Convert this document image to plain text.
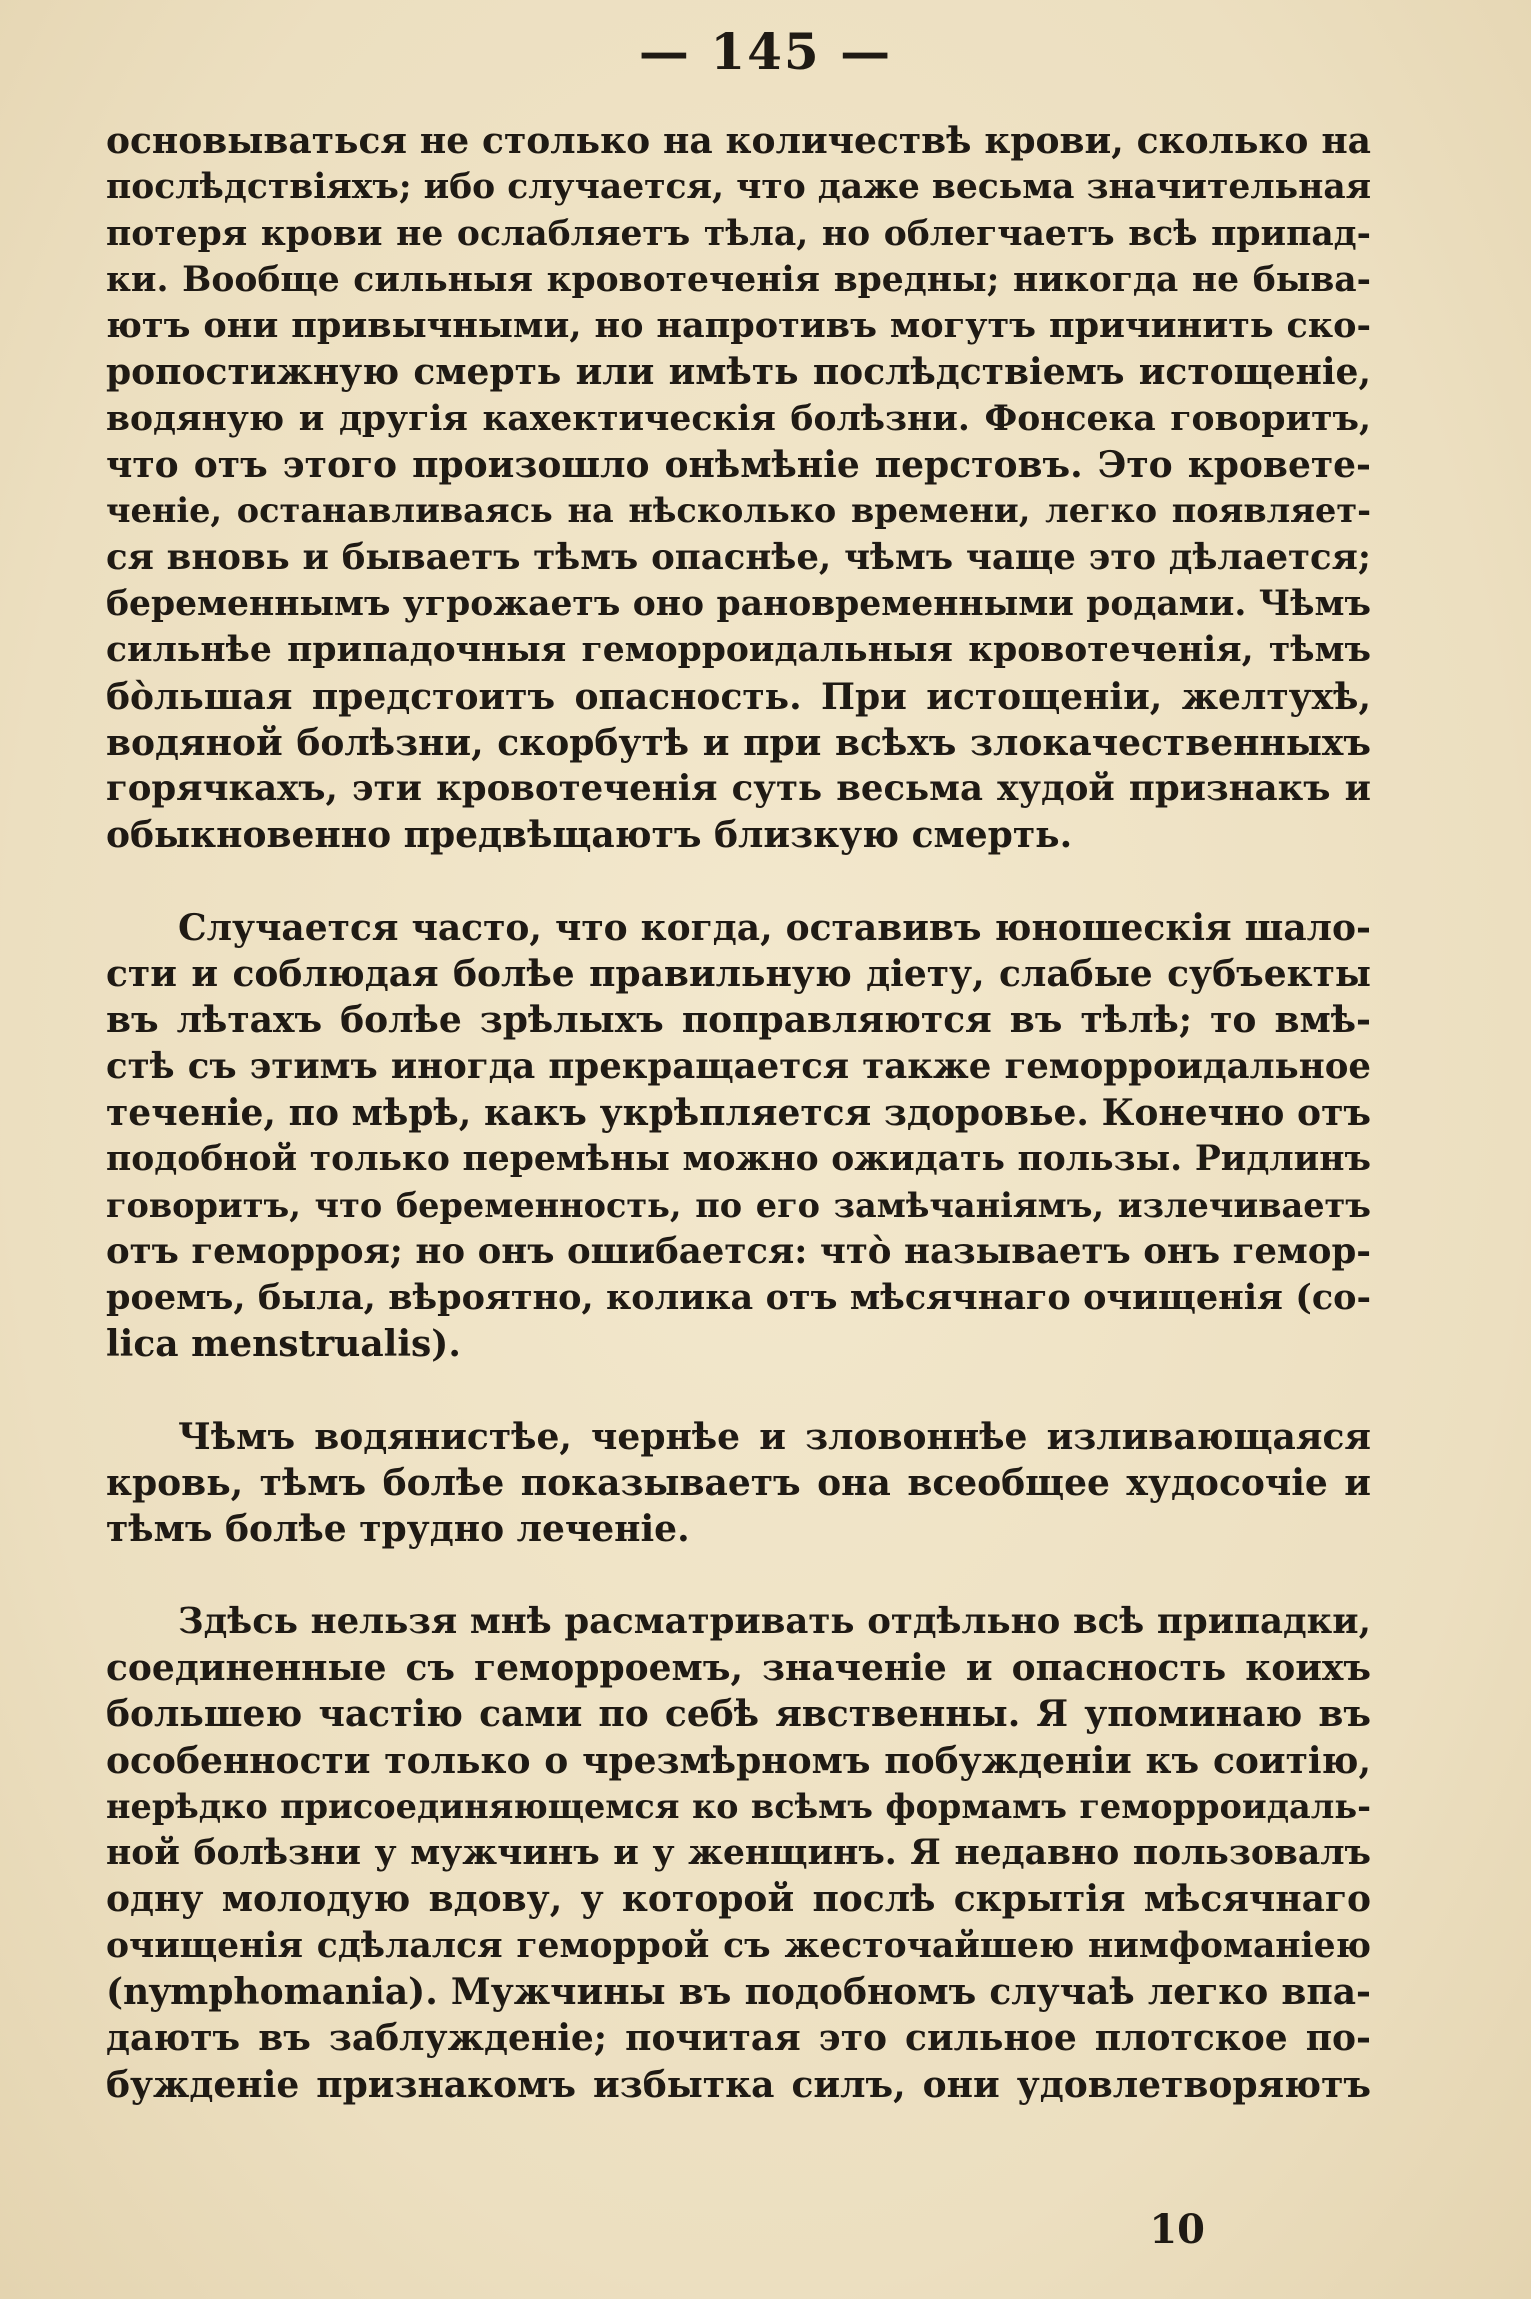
— 145 —
основываться не столько на количествѣ крови, сколько на
послѣдствіяхъ; ибо случается, что даже весьма значительная
потеря крови не ослабляетъ тѣла, но облегчаетъ всѣ припад-
ки. Вообще сильныя кровотеченія вредны; никогда не быва-
ютъ они привычными, но напротивъ могутъ причинить ско-
ропостижную смерть или имѣть послѣдствіемъ истощеніе,
водяную и другія кахектическія болѣзни. Фонсека говоритъ,
что отъ этого произошло онѣмѣніе перстовъ. Это кровете-
ченіе, останавливаясь на нѣсколько времени, легко появляет-
ся вновь и бываетъ тѣмъ опаснѣе, чѣмъ чаще это дѣлается;
беременнымъ угрожаетъ оно рановременными родами. Чѣмъ
сильнѣе припадочныя геморроидальныя кровотеченія, тѣмъ
бо̀льшая предстоитъ опасность. При истощеніи, желтухѣ,
водяной болѣзни, скорбутѣ и при всѣхъ злокачественныхъ
горячкахъ, эти кровотеченія суть весьма худой признакъ и
обыкновенно предвѣщаютъ близкую смерть.
Случается часто, что когда, оставивъ юношескія шало-
сти и соблюдая болѣе правильную діету, слабые субъекты
въ лѣтахъ болѣе зрѣлыхъ поправляются въ тѣлѣ; то вмѣ-
стѣ съ этимъ иногда прекращается также геморроидальное
теченіе, по мѣрѣ, какъ укрѣпляется здоровье. Конечно отъ
подобной только перемѣны можно ожидать пользы. Ридлинъ
говоритъ, что беременность, по его замѣчаніямъ, излечиваетъ
отъ геморроя; но онъ ошибается: что̀ называетъ онъ гемор-
роемъ, была, вѣроятно, колика отъ мѣсячнаго очищенія (co-
lica menstrualis).
Чѣмъ водянистѣе, чернѣе и зловоннѣе изливающаяся
кровь, тѣмъ болѣе показываетъ она всеобщее худосочіе и
тѣмъ болѣе трудно леченіе.
Здѣсь нельзя мнѣ расматривать отдѣльно всѣ припадки,
соединенные съ геморроемъ, значеніе и опасность коихъ
большею частію сами по себѣ явственны. Я упоминаю въ
особенности только о чрезмѣрномъ побужденіи къ соитію,
нерѣдко присоединяющемся ко всѣмъ формамъ геморроидаль-
ной болѣзни у мужчинъ и у женщинъ. Я недавно пользовалъ
одну молодую вдову, у которой послѣ скрытія мѣсячнаго
очищенія сдѣлался геморрой съ жесточайшею нимфоманіею
(nymphomania). Мужчины въ подобномъ случаѣ легко впа-
даютъ въ заблужденіе; почитая это сильное плотское по-
бужденіе признакомъ избытка силъ, они удовлетворяютъ
10
